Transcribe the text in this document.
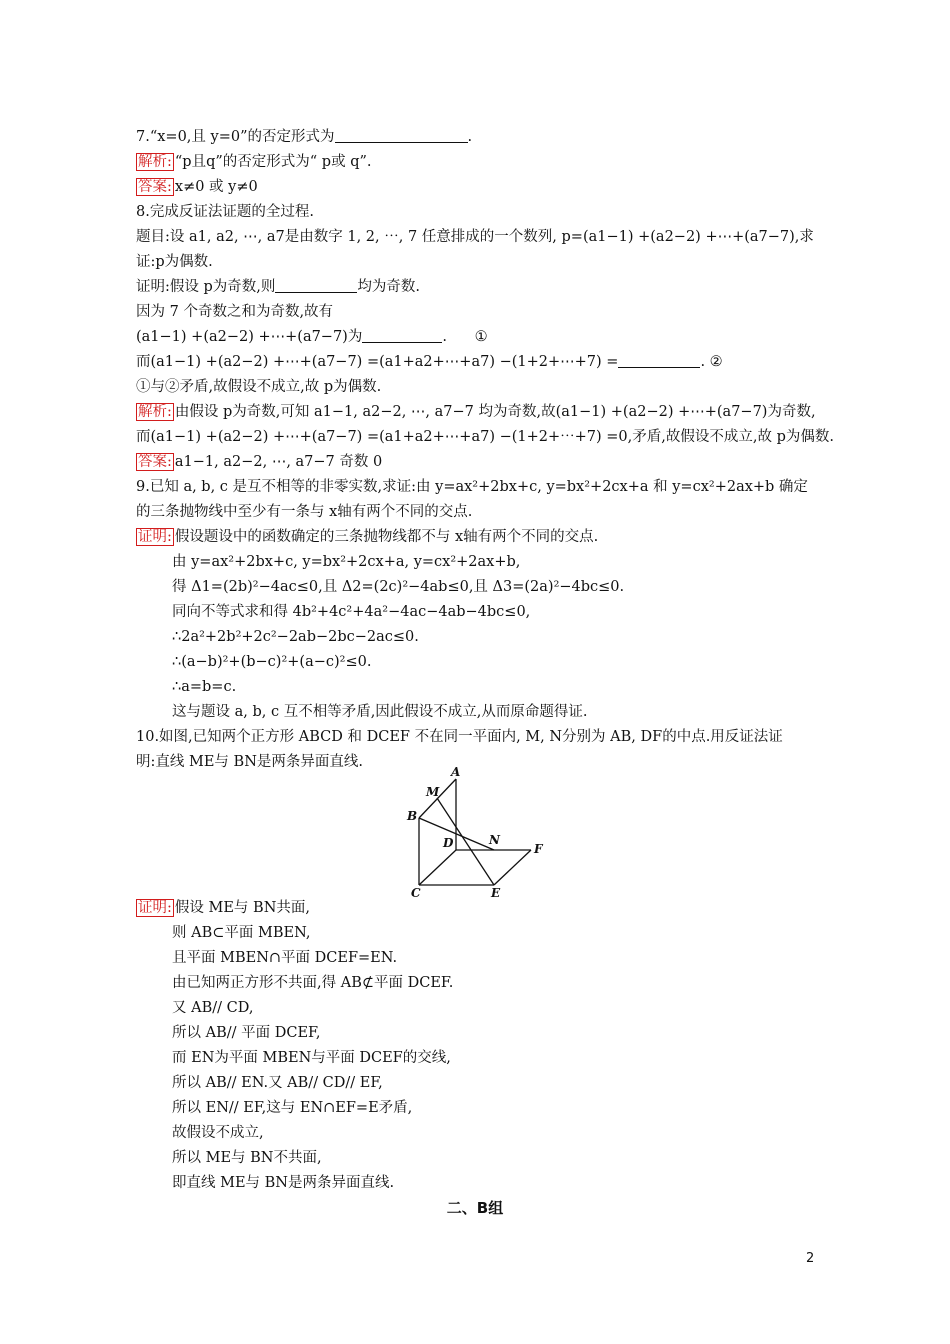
7.“x=0,且 y=0”的否定形式为	.
解析: “p且q”的否定形式为“ p或 q”.
答案: x≠0 或 y≠0
8.完成反证法证题的全过程.
题目:设 a1, a2, ⋯, a7是由数字 1, 2, ⋯, 7 任意排成的一个数列, p=(a1−1) +(a2−2) +⋯+(a7−7),求
证:p为偶数.
证明:假设 p为奇数,则	均为奇数.
因为 7 个奇数之和为奇数,故有
(a1−1) +(a2−2) +⋯+(a7−7)为	.      ①
而(a1−1) +(a2−2) +⋯+(a7−7) =(a1+a2+⋯+a7) −(1+2+⋯+7) =	. ②
①与②矛盾,故假设不成立,故 p为偶数.
解析: 由假设 p为奇数,可知 a1−1, a2−2, ⋯, a7−7 均为奇数,故(a1−1) +(a2−2) +⋯+(a7−7)为奇数,
而(a1−1) +(a2−2) +⋯+(a7−7) =(a1+a2+⋯+a7) −(1+2+⋯+7) =0,矛盾,故假设不成立,故 p为偶数.
答案: a1−1, a2−2, ⋯, a7−7 奇数 0
9.已知 a, b, c 是互不相等的非零实数,求证:由 y=ax²+2bx+c, y=bx²+2cx+a 和 y=cx²+2ax+b 确定
的三条抛物线中至少有一条与 x轴有两个不同的交点.
证明: 假设题设中的函数确定的三条抛物线都不与 x轴有两个不同的交点.
由 y=ax²+2bx+c, y=bx²+2cx+a, y=cx²+2ax+b,
得 Δ1=(2b)²−4ac≤0,且 Δ2=(2c)²−4ab≤0,且 Δ3=(2a)²−4bc≤0.
同向不等式求和得 4b²+4c²+4a²−4ac−4ab−4bc≤0,
∴2a²+2b²+2c²−2ab−2bc−2ac≤0.
∴(a−b)²+(b−c)²+(a−c)²≤0.
∴a=b=c.
这与题设 a, b, c 互不相等矛盾,因此假设不成立,从而原命题得证.
10.如图,已知两个正方形 ABCD 和 DCEF 不在同一平面内, M, N分别为 AB, DF的中点.用反证法证
明:直线 ME与 BN是两条异面直线.
A
M
B
D	N
F
C	E
证明: 假设 ME与 BN共面,
则 AB⊂平面 MBEN,
且平面 MBEN∩平面 DCEF=EN.
由已知两正方形不共面,得 AB⊄平面 DCEF.
又 AB// CD,
所以 AB// 平面 DCEF,
而 EN为平面 MBEN与平面 DCEF的交线,
所以 AB// EN.又 AB// CD// EF,
所以 EN// EF,这与 EN∩EF=E矛盾,
故假设不成立,
所以 ME与 BN不共面,
即直线 ME与 BN是两条异面直线.
二、B组
2
